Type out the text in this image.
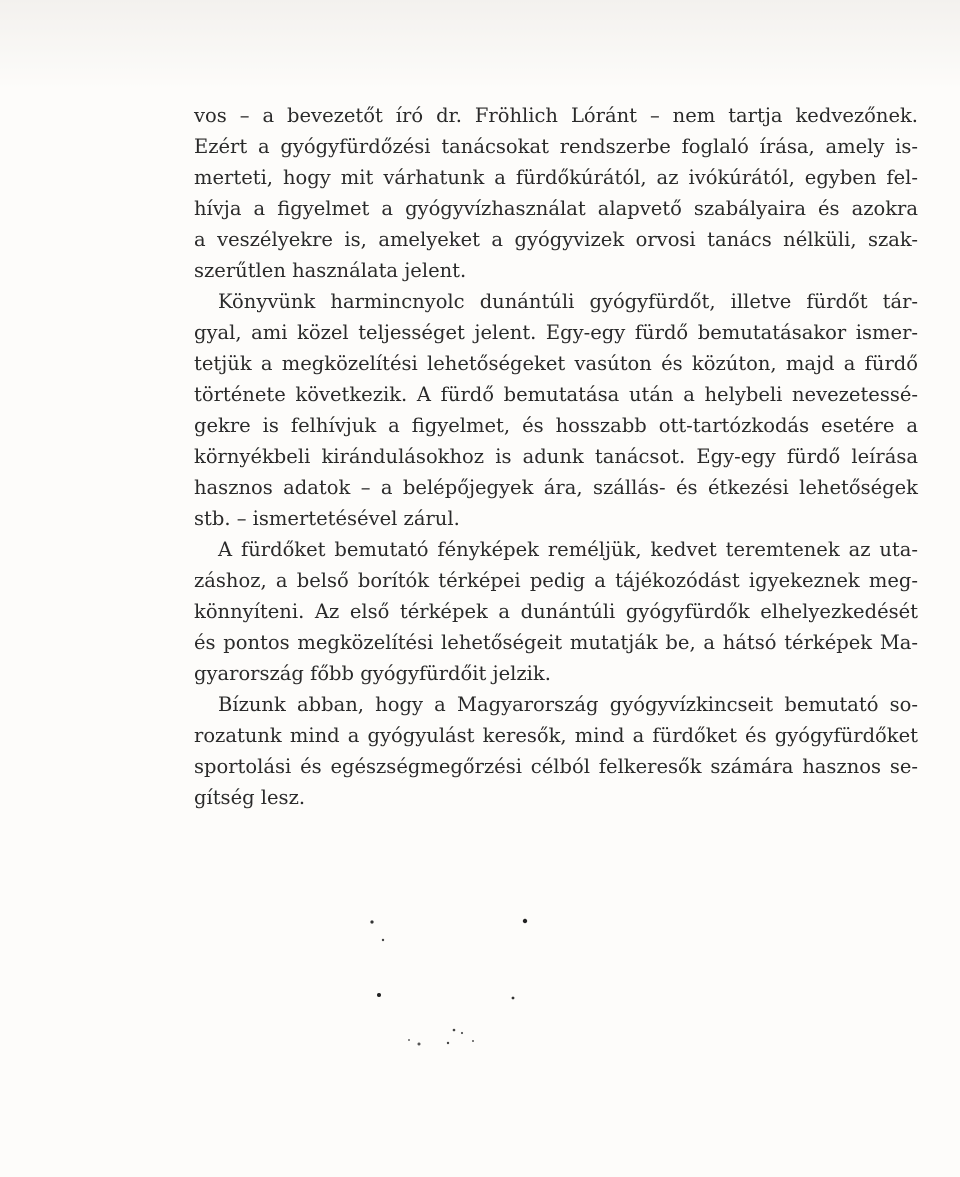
vos – a bevezetőt író dr. Fröhlich Lóránt – nem tartja kedvezőnek.
Ezért a gyógyfürdőzési tanácsokat rendszerbe foglaló írása, amely is-
merteti, hogy mit várhatunk a fürdőkúrától, az ivókúrától, egyben fel-
hívja a figyelmet a gyógyvízhasználat alapvető szabályaira és azokra
a veszélyekre is, amelyeket a gyógyvizek orvosi tanács nélküli, szak-
szerűtlen használata jelent.
Könyvünk harmincnyolc dunántúli gyógyfürdőt, illetve fürdőt tár-
gyal, ami közel teljességet jelent. Egy-egy fürdő bemutatásakor ismer-
tetjük a megközelítési lehetőségeket vasúton és közúton, majd a fürdő
története következik. A fürdő bemutatása után a helybeli nevezetessé-
gekre is felhívjuk a figyelmet, és hosszabb ott-tartózkodás esetére a
környékbeli kirándulásokhoz is adunk tanácsot. Egy-egy fürdő leírása
hasznos adatok – a belépőjegyek ára, szállás- és étkezési lehetőségek
stb. – ismertetésével zárul.
A fürdőket bemutató fényképek reméljük, kedvet teremtenek az uta-
záshoz, a belső borítók térképei pedig a tájékozódást igyekeznek meg-
könnyíteni. Az első térképek a dunántúli gyógyfürdők elhelyezkedését
és pontos megközelítési lehetőségeit mutatják be, a hátsó térképek Ma-
gyarország főbb gyógyfürdőit jelzik.
Bízunk abban, hogy a Magyarország gyógyvízkincseit bemutató so-
rozatunk mind a gyógyulást keresők, mind a fürdőket és gyógyfürdőket
sportolási és egészségmegőrzési célból felkeresők számára hasznos se-
gítség lesz.
